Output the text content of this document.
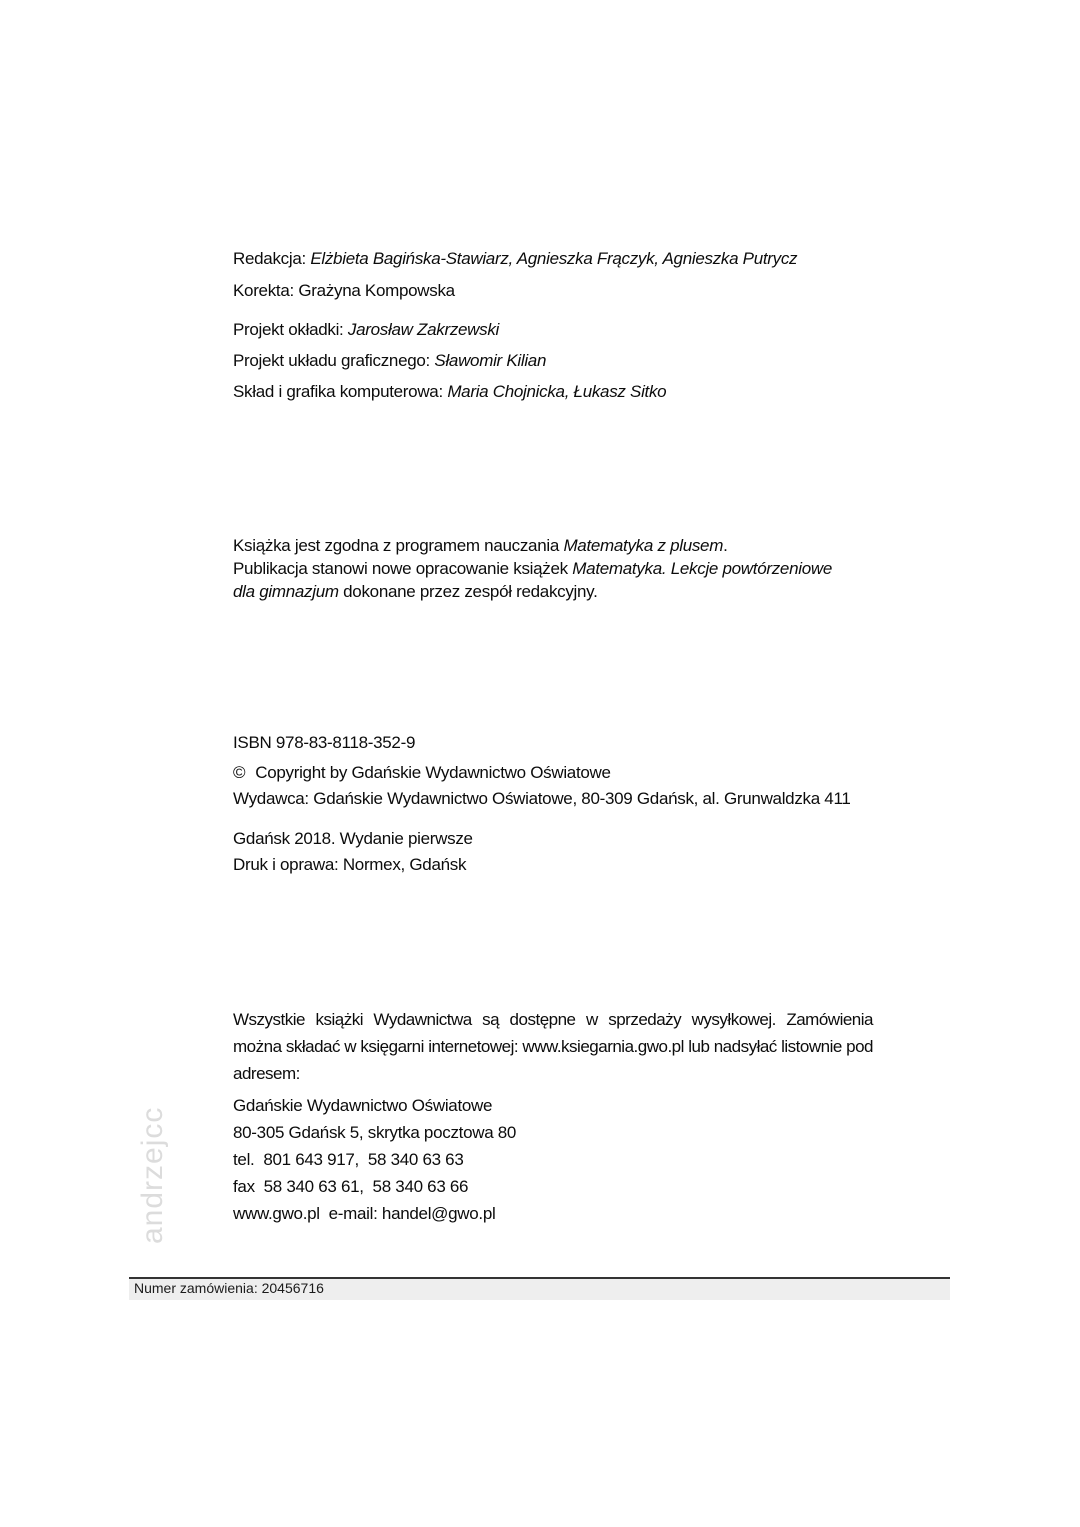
Redakcja: Elżbieta Bagińska-Stawiarz, Agnieszka Frączyk, Agnieszka Putrycz

Korekta: Grażyna Kompowska

Projekt okładki: Jarosław Zakrzewski

Projekt układu graficznego: Sławomir Kilian

Skład i grafika komputerowa: Maria Chojnicka, Łukasz Sitko

Książka jest zgodna z programem nauczania Matematyka z plusem.
Publikacja stanowi nowe opracowanie książek Matematyka. Lekcje powtórzeniowe
dla gimnazjum dokonane przez zespół redakcyjny.

ISBN 978-83-8118-352-9

© Copyright by Gdańskie Wydawnictwo Oświatowe

Wydawca: Gdańskie Wydawnictwo Oświatowe, 80-309 Gdańsk, al. Grunwaldzka 411

Gdańsk 2018. Wydanie pierwsze

Druk i oprawa: Normex, Gdańsk

Wszystkie książki Wydawnictwa są dostępne w sprzedaży wysyłkowej. Zamówienia można składać w księgarni internetowej: www.ksiegarnia.gwo.pl lub nadsyłać listownie pod adresem:

Gdańskie Wydawnictwo Oświatowe

80-305 Gdańsk 5, skrytka pocztowa 80

tel.  801 643 917,  58 340 63 63

fax  58 340 63 61,  58 340 63 66

www.gwo.pl  e-mail: handel@gwo.pl

andrzejcc
Numer zamówienia: 20456716
